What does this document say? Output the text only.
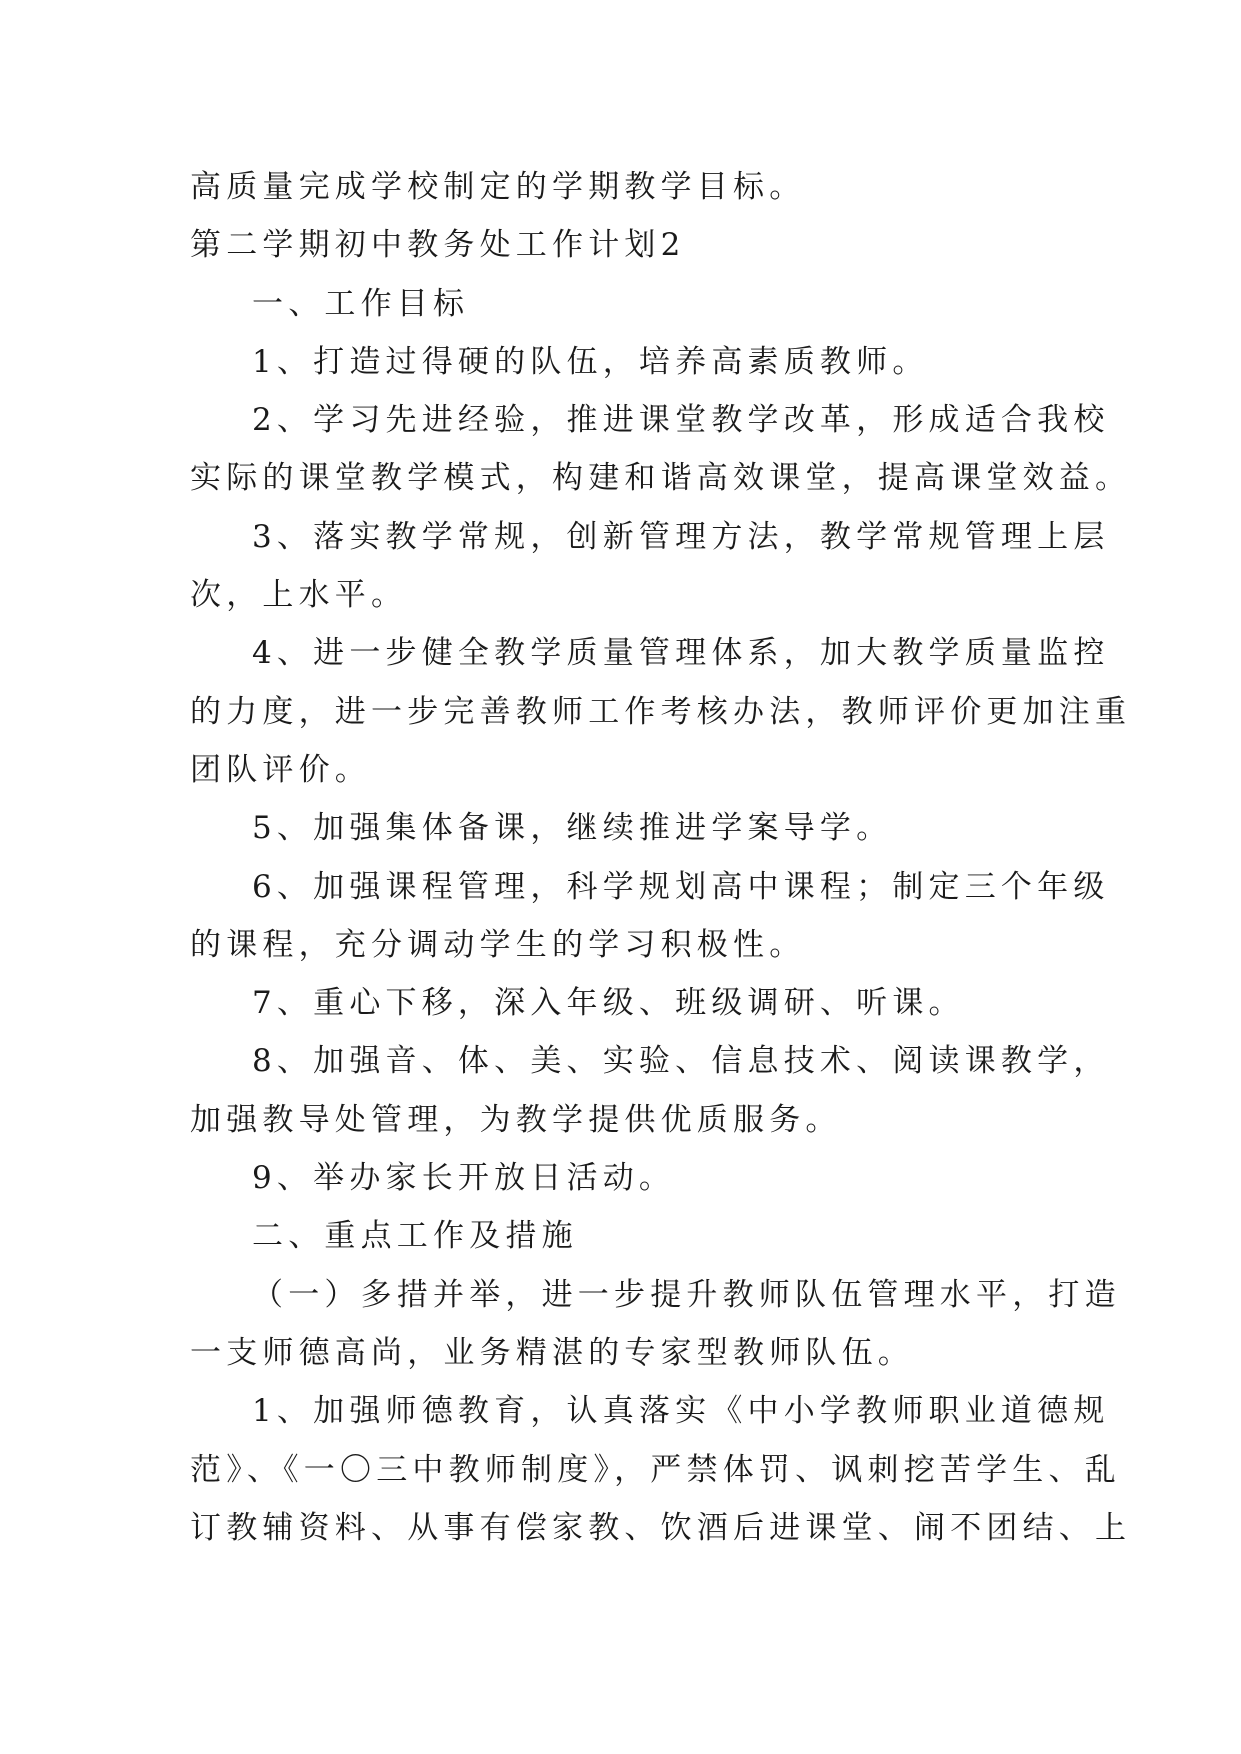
高质量完成学校制定的学期教学目标。
第二学期初中教务处工作计划2
一、工作目标
1、打造过得硬的队伍，培养高素质教师。
2、学习先进经验，推进课堂教学改革，形成适合我校
实际的课堂教学模式，构建和谐高效课堂，提高课堂效益。
3、落实教学常规，创新管理方法，教学常规管理上层
次，上水平。
4、进一步健全教学质量管理体系，加大教学质量监控
的力度，进一步完善教师工作考核办法，教师评价更加注重
团队评价。
5、加强集体备课，继续推进学案导学。
6、加强课程管理，科学规划高中课程；制定三个年级
的课程，充分调动学生的学习积极性。
7、重心下移，深入年级、班级调研、听课。
8、加强音、体、美、实验、信息技术、阅读课教学，
加强教导处管理，为教学提供优质服务。
9、举办家长开放日活动。
二、重点工作及措施
（一）多措并举，进一步提升教师队伍管理水平，打造
一支师德高尚，业务精湛的专家型教师队伍。
1、加强师德教育，认真落实《中小学教师职业道德规
范》、《一〇三中教师制度》，严禁体罚、讽刺挖苦学生、乱
订教辅资料、从事有偿家教、饮酒后进课堂、闹不团结、上
